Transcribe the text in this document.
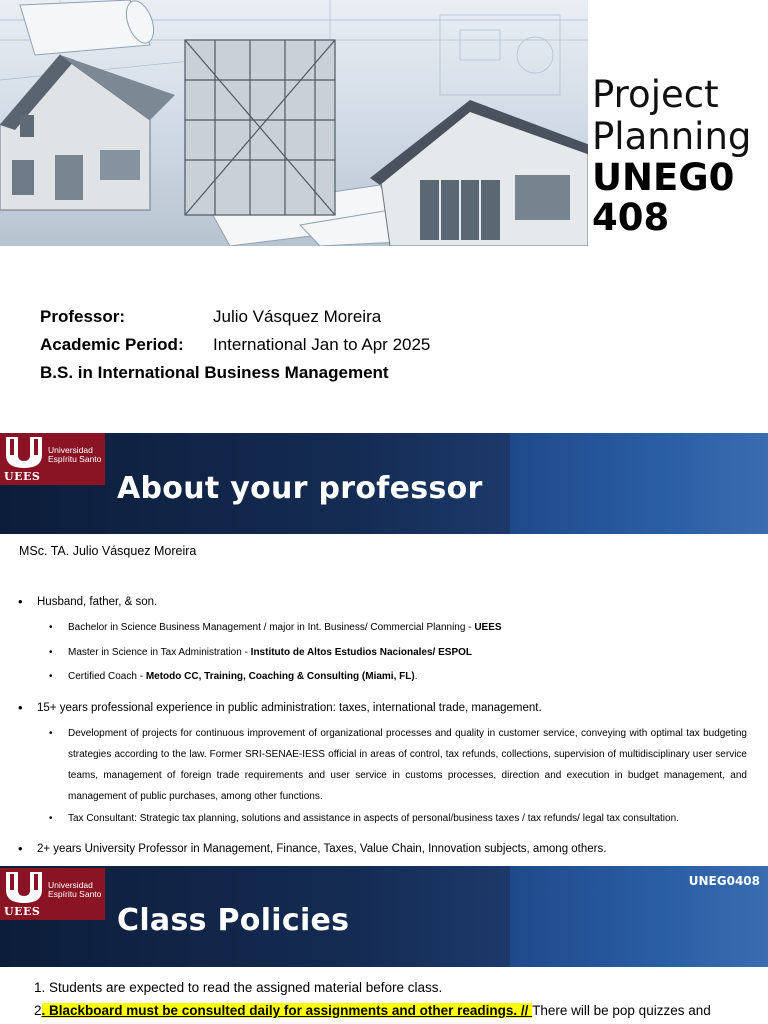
Project
Planning
UNEG0
408
Professor:	Julio Vásquez Moreira
Academic Period: International Jan to Apr 2025
B.S. in International Business Management
Universidad
Espíritu Santo
UEES	About your professor
MSc. TA. Julio Vásquez Moreira
• Husband, father, & son.
• Bachelor in Science Business Management / major in Int. Business/ Commercial Planning - UEES
• Master in Science in Tax Administration - Instituto de Altos Estudios Nacionales/ ESPOL
• Certified Coach - Metodo CC, Training, Coaching & Consulting (Miami, FL).
• 15+ years professional experience in public administration: taxes, international trade, management.
• Development of projects for continuous improvement of organizational processes and quality in customer service, conveying with optimal tax budgeting strategies according to the law. Former SRI-SENAE-IESS official in areas of control, tax refunds, collections, supervision of multidisciplinary user service teams, management of foreign trade requirements and user service in customs processes, direction and execution in budget management, and management of public purchases, among other functions.
• Tax Consultant: Strategic tax planning, solutions and assistance in aspects of personal/business taxes / tax refunds/ legal tax consultation.
• 2+ years University Professor in Management, Finance, Taxes, Value Chain, Innovation subjects, among others.
Universidad
Espíritu Santo
UEES
UNEG0408
Class Policies
1. Students are expected to read the assigned material before class.
2. Blackboard must be consulted daily for assignments and other readings. // There will be pop quizzes and
